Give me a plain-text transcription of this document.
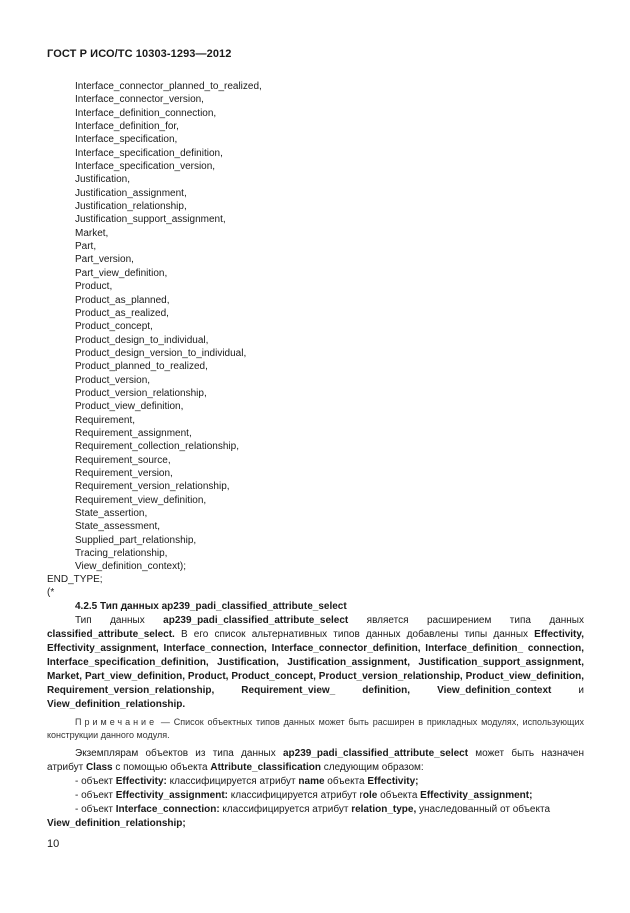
ГОСТ Р ИСО/ТС 10303-1293—2012
Interface_connector_planned_to_realized,
Interface_connector_version,
Interface_definition_connection,
Interface_definition_for,
Interface_specification,
Interface_specification_definition,
Interface_specification_version,
Justification,
Justification_assignment,
Justification_relationship,
Justification_support_assignment,
Market,
Part,
Part_version,
Part_view_definition,
Product,
Product_as_planned,
Product_as_realized,
Product_concept,
Product_design_to_individual,
Product_design_version_to_individual,
Product_planned_to_realized,
Product_version,
Product_version_relationship,
Product_view_definition,
Requirement,
Requirement_assignment,
Requirement_collection_relationship,
Requirement_source,
Requirement_version,
Requirement_version_relationship,
Requirement_view_definition,
State_assertion,
State_assessment,
Supplied_part_relationship,
Tracing_relationship,
View_definition_context);
END_TYPE;
(*

4.2.5 Тип данных ap239_padi_classified_attribute_select

Тип данных ap239_padi_classified_attribute_select является расширением типа данных classified_attribute_select. В его список альтернативных типов данных добавлены типы данных Effectivity, Effectivity_assignment, Interface_connection, Interface_connector_definition, Interface_definition_ connection, Interface_specification_definition, Justification, Justification_assignment, Justification_support_assignment, Market, Part_view_definition, Product, Product_concept, Product_version_relationship, Product_view_definition, Requirement_version_relationship, Requirement_view_ definition, View_definition_context и View_definition_relationship.

Примечание — Список объектных типов данных может быть расширен в прикладных модулях, использующих конструкции данного модуля.

Экземплярам объектов из типа данных ap239_padi_classified_attribute_select может быть назначен атрибут Class с помощью объекта Attribute_classification следующим образом:

- объект Effectivity: классифицируется атрибут name объекта Effectivity;

- объект Effectivity_assignment: классифицируется атрибут role объекта Effectivity_assignment;

- объект Interface_connection: классифицируется атрибут relation_type, унаследованный от объекта View_definition_relationship;

10
